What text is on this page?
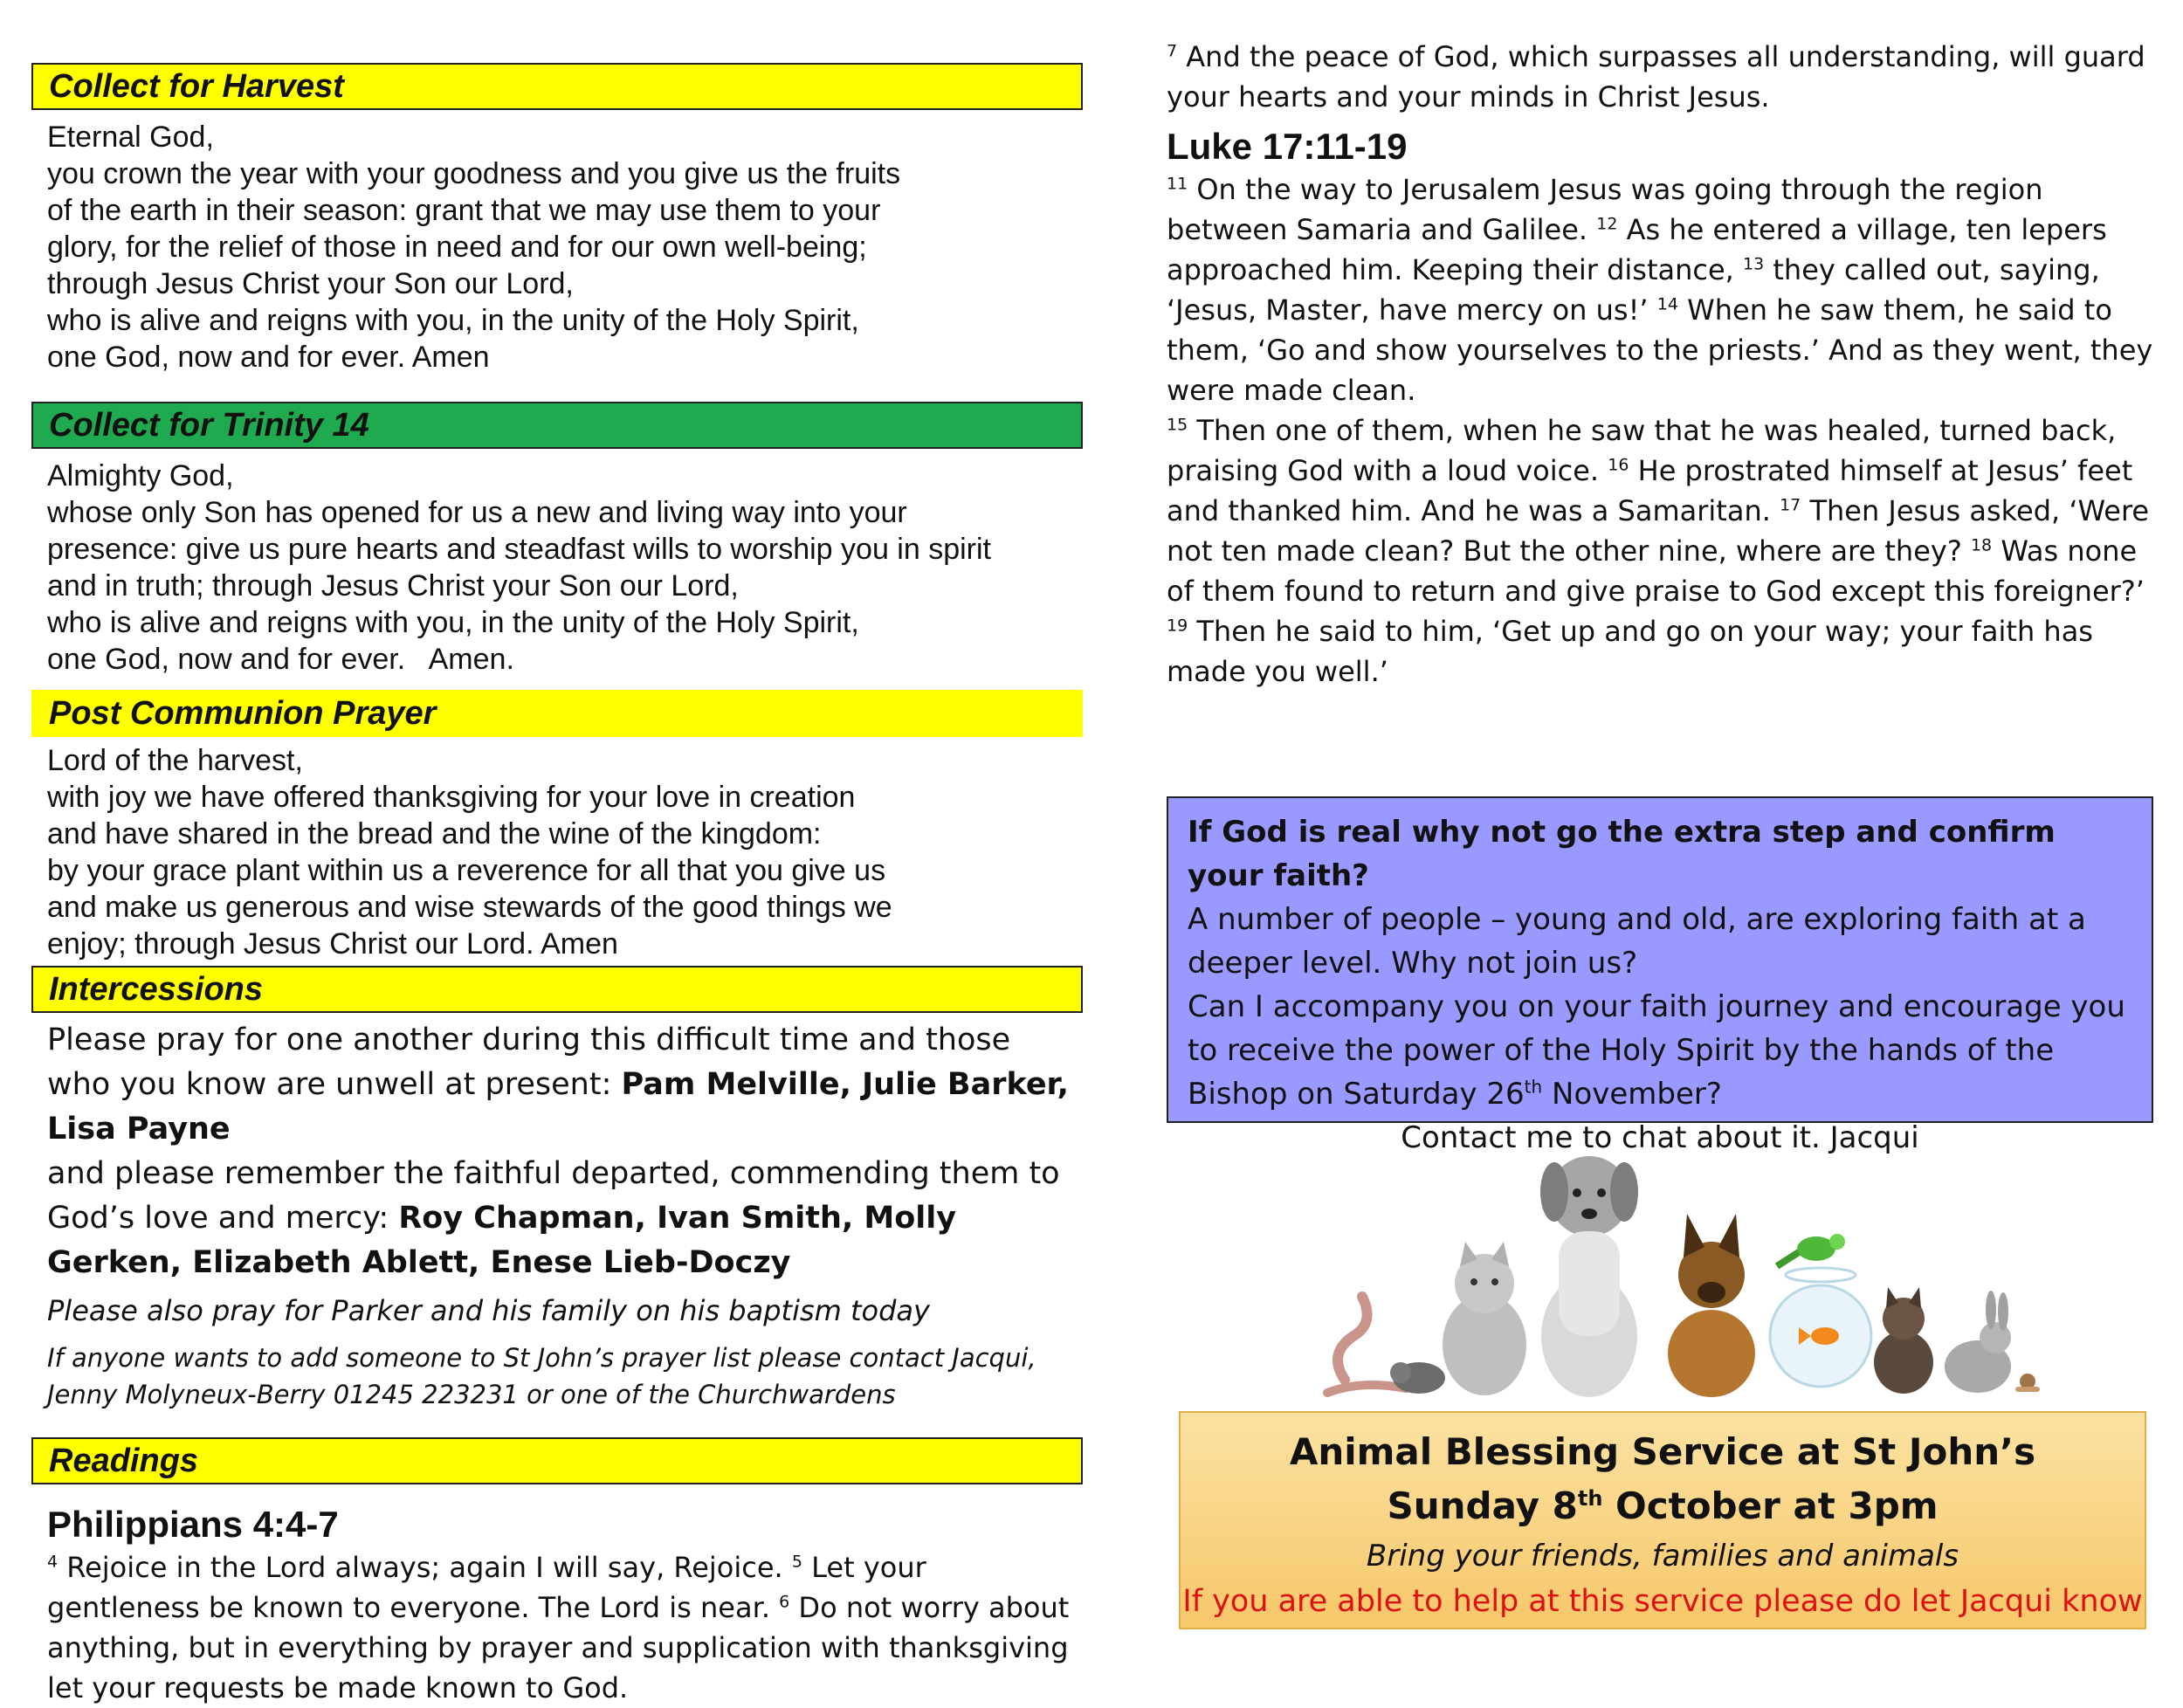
Collect for Harvest
Eternal God,
you crown the year with your goodness and you give us the fruits
of the earth in their season: grant that we may use them to your
glory, for the relief of those in need and for our own well-being;
through Jesus Christ your Son our Lord,
who is alive and reigns with you, in the unity of the Holy Spirit,
one God, now and for ever. Amen
Collect for Trinity 14
Almighty God,
whose only Son has opened for us a new and living way into your
presence: give us pure hearts and steadfast wills to worship you in spirit
and in truth; through Jesus Christ your Son our Lord,
who is alive and reigns with you, in the unity of the Holy Spirit,
one God, now and for ever.   Amen.
Post Communion Prayer
Lord of the harvest,
with joy we have offered thanksgiving for your love in creation
and have shared in the bread and the wine of the kingdom:
by your grace plant within us a reverence for all that you give us
and make us generous and wise stewards of the good things we
enjoy; through Jesus Christ our Lord. Amen
Intercessions
Please pray for one another during this difficult time and those who you know are unwell at present: Pam Melville, Julie Barker, Lisa Payne
and please remember the faithful departed, commending them to God’s love and mercy: Roy Chapman, Ivan Smith, Molly Gerken, Elizabeth Ablett, Enese Lieb-Doczy
Please also pray for Parker and his family on his baptism today
If anyone wants to add someone to St John’s prayer list please contact Jacqui, Jenny Molyneux-Berry 01245 223231 or one of the Churchwardens
Readings
Philippians 4:4-7
$^4$ Rejoice in the Lord always; again I will say, Rejoice. $^5$ Let your gentleness be known to everyone. The Lord is near. $^6$ Do not worry about anything, but in everything by prayer and supplication with thanksgiving let your requests be made known to God.
$^7$ And the peace of God, which surpasses all understanding, will guard your hearts and your minds in Christ Jesus.
Luke 17:11-19
$^{11}$ On the way to Jerusalem Jesus was going through the region between Samaria and Galilee. $^{12}$ As he entered a village, ten lepers approached him. Keeping their distance, $^{13}$ they called out, saying, ‘Jesus, Master, have mercy on us!’ $^{14}$ When he saw them, he said to them, ‘Go and show yourselves to the priests.’ And as they went, they were made clean.
$^{15}$ Then one of them, when he saw that he was healed, turned back, praising God with a loud voice. $^{16}$ He prostrated himself at Jesus’ feet and thanked him. And he was a Samaritan. $^{17}$ Then Jesus asked, ‘Were not ten made clean? But the other nine, where are they? $^{18}$ Was none of them found to return and give praise to God except this foreigner?’ $^{19}$ Then he said to him, ‘Get up and go on your way; your faith has made you well.’
If God is real why not go the extra step and confirm your faith?
A number of people – young and old, are exploring faith at a deeper level. Why not join us?
Can I accompany you on your faith journey and encourage you to receive the power of the Holy Spirit by the hands of the Bishop on Saturday 26th November?
Contact me to chat about it. Jacqui
Animal Blessing Service at St John’s
Sunday 8th October at 3pm
Bring your friends, families and animals
If you are able to help at this service please do let Jacqui know
